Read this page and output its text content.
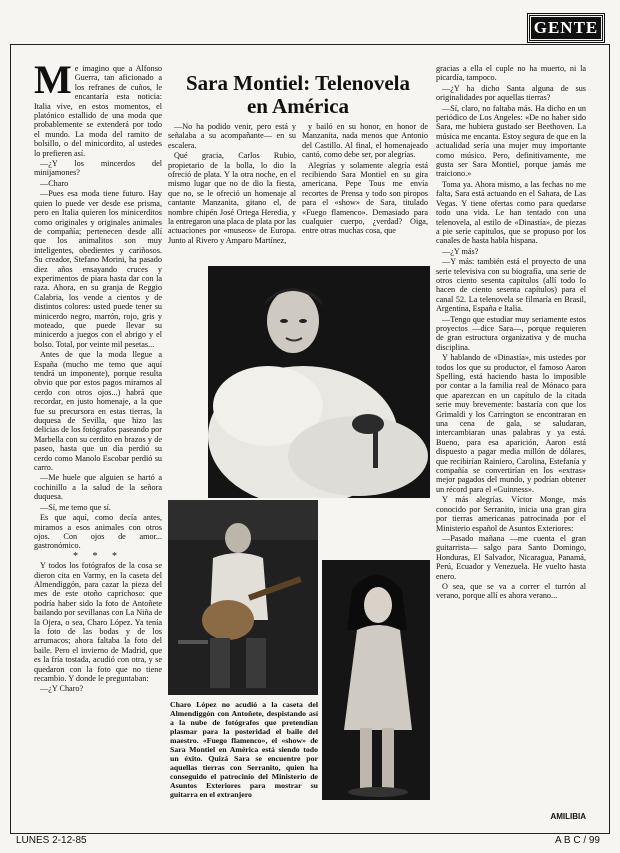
GENTE

Me imagino que a Alfonso Guerra, tan aficionado a los refranes de cuños, le encantaría esta noticia: Italia vive, en estos momentos, el platónico estallido de una moda que probablemente se extenderá por todo el mundo. La moda del ramito de bolsillo, o del minicordito, al ustedes lo prefieren así.

—¿Y los mincerdos del minijamones?

—Charo

—Pues esa moda tiene futuro. Hay quien lo puede ver desde ese prisma, pero en Italia quieren los minicerditos como originales y originales animales de compañía; pertenecen desde allí que los animalitos son muy inteligentes, obedientes y cariñosos. Su creador, Stefano Morini, ha pasado diez años ensayando cruces y experimentos de piara hasta dar con la raza. Ahora, en su granja de Reggio Calabria, los vende a cientos y de distintos colores: usted puede tener su minicerdo negro, marrón, rojo, gris y moteado, que puede llevar su minicerdo a juegos con el abrigo y el bolso. Total, por veinte mil pesetas...

Antes de que la moda llegue a España (mucho me temo que aquí tendrá un imponente), porque resulta obvio que por estos pagos miramos al cerdo con otros ojos...) habrá que recordar, en justo homenaje, a la que fue su precursora en estas tierras, la duquesa de Sevilla, que hizo las delicias de los fotógrafos paseando por Marbella con su cerdito en brazos y de paseo, hasta que un día perdió su cerdo como Manolo Escobar perdió su carro.

—Me huele que alguien se hartó a cochinillo a la salud de la señora duquesa.

—Sí, me temo que sí.

Es que aquí, como decía antes, miramos a esos animales con otros ojos. Con ojos de amor... gastronómico.

* * *

Y todos los fotógrafos de la cosa se dieron cita en Varmy, en la caseta del Almendiggón, para cazar la pieza del mes de este otoño caprichoso: que podría haber sido la foto de Antoñete bailando por sevillanas con La Niña de la Ojera, o sea, Charo López. Ya tenía la foto de las bodas y de los arrumacos; ahora faltaba la foto del baile. Pero el invierno de Madrid, que es la fría tostada, acudió con otra, y se quedaron con la foto que no tiene recambio. Y donde le preguntaban:

—¿Y Charo?

Sara Montiel: Telenovela
en América

—No ha podido venir, pero está y señalaba a su acompañante— en su escalera.

Qué gracia, Carlos Rubio, propietario de la bolla, lo dio la ofreció de plata. Y la otra noche, en el mismo lugar que no de dio la fiesta, que no, se le ofreció un homenaje al cantante Manzanita, gitano el, de nombre chipén José Ortega Heredia, y la entregaron una placa de plata por las actuaciones por «museos» de Europa. Junto al Rivero y Amparo Martínez,

y bailó en su honor, en honor de Manzanita, nada menos que Antonio del Castillo. Al final, el homenajeado cantó, como debe ser, por alegrías.

Alegrías y solamente alegría está recibiendo Sara Montiel en su gira americana. Pepe Tous me envía recortes de Prensa y todo son piropos para el «show» de Sara, titulado «Fuego flamenco». Demasiado para cualquier cuerpo, ¿verdad? Oiga, entre otras muchas cosa, que

gracias a ella el cuple no ha muerto, ni la picardía, tampoco.

—¿Y ha dicho Santa alguna de sus originalidades por aquellas tierras?

—Sí, claro, no faltaba más. Ha dicho en un periódico de Los Angeles: «De no haber sido Sara, me hubiera gustado ser Beethoven. La música me encanta. Estoy segura de que en la actualidad sería una mujer muy importante como músico. Pero, definitivamente, me gusta ser Sara Montiel, porque jamás me traiciono.»

Toma ya. Ahora mismo, a las fechas no me falta, Sara está actuando en el Sahara, de Las Vegas. Y tiene ofertas como para quedarse todo una vida. Le han tentado con una telenovela, al estilo de «Dinastía», de piezas a pie serie capitulos, que se propuso por los canales de hasta habla hispana.

—¿Y más?

—Y más: también está el proyecto de una serie televisiva con su biografía, una serie de otros ciento sesenta capítulos (allí todo lo hacen de ciento sesenta capítulos) para el canal 52. La telenovela se filmaría en Brasil, Argentina, España e Italia.

—Tengo que estudiar muy seriamente estos proyectos —dice Sara—, porque requieren de gran estructura organizativa y de mucha disciplina.

Y hablando de «Dinastía», mis ustedes por todos los que su productor, el famoso Aaron Spelling, está haciendo hasta lo imposible por contar a la familia real de Mónaco para que aparezcan en un capítulo de la citada serie muy brevemente: bastaría con que los Grimaldi y los Carrington se encontraran en una cena de gala, se saludaran, intercambiaran unas palabras y ya está. Bueno, para esa aparición, Aaron está dispuesto a pagar media millón de dólares, que recibirían Rainiero, Carolina, Estefanía y compañía se convertirían en los «extras» mejor pagados del mundo, y podrían obtener un récord para el «Guinness».

Y más alegrías. Víctor Monge, más conocido por Serranito, inicia una gran gira por tierras americanas patrocinada por el Ministerio español de Asuntos Exteriores:

—Pasado mañana —me cuenta el gran guitarrista— salgo para Santo Domingo, Honduras, El Salvador, Nicaragua, Panamá, Perú, Ecuador y Venezuela. He vuelto hasta enero.

O sea, que se va a correr el turrón al verano, porque allí es ahora verano...

AMILIBIA
Charo López no acudió a la caseta del Almendiggón con Antoñete, despistando así a la nube de fotógrafos que pretendían plasmar para la posteridad el baile del maestro. «Fuego flamenco», el «show» de Sara Montiel en América está siendo todo un éxito. Quizá Sara se encuentre por aquellas tierras con Serranito, quien ha conseguido el patrocinio del Ministerio de Asuntos Exteriores para mostrar su guitarra en el extranjero
LUNES 2-12-85	A B C / 99
